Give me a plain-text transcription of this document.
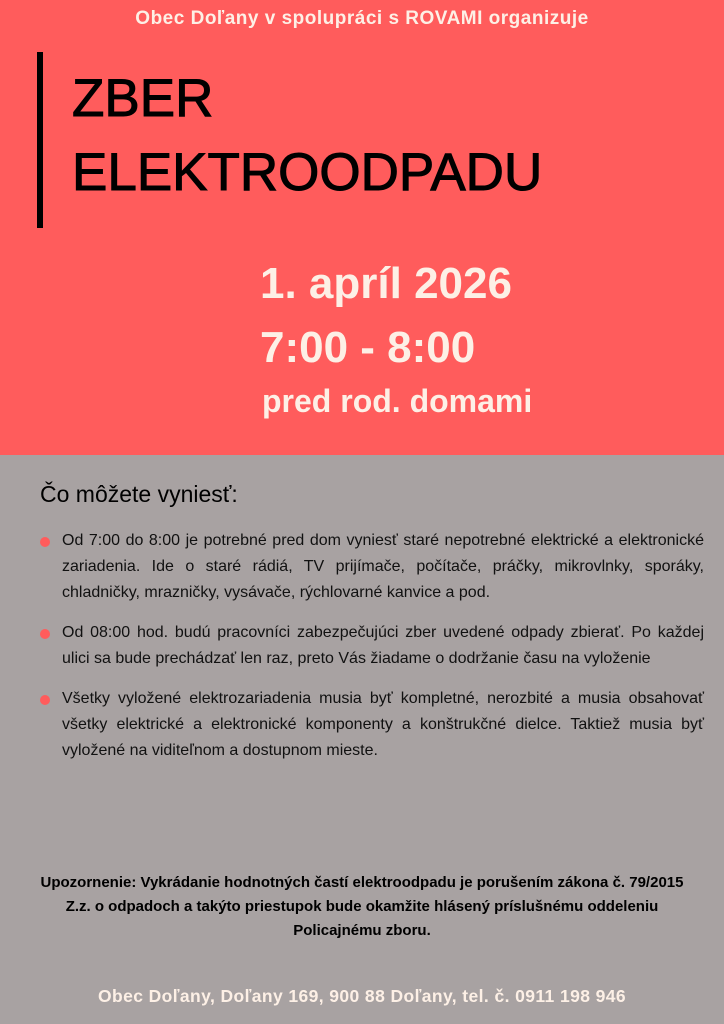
Obec Doľany v spolupráci s ROVAMI organizuje
ZBER
ELEKTROODPADU
1. apríl 2026
7:00 - 8:00
pred rod. domami
Čo môžete vyniesť:
Od 7:00 do 8:00 je potrebné pred dom vyniesť staré nepotrebné elektrické a elektronické zariadenia. Ide o staré rádiá, TV prijímače, počítače, práčky, mikrovlnky, sporáky, chladničky, mrazničky, vysávače, rýchlovarné kanvice a pod.
Od 08:00 hod. budú pracovníci zabezpečujúci zber uvedené odpady zbierať. Po každej ulici sa bude prechádzať len raz, preto Vás žiadame o dodržanie času na vyloženie
Všetky vyložené elektrozariadenia musia byť kompletné, nerozbité a musia obsahovať všetky elektrické a elektronické komponenty a konštrukčné dielce. Taktiež musia byť vyložené na viditeľnom a dostupnom mieste.
Upozornenie: Vykrádanie hodnotných častí elektroodpadu je porušením zákona č. 79/2015 Z.z. o odpadoch a takýto priestupok bude okamžite hlásený príslušnému oddeleniu Policajnému zboru.
Obec Doľany, Doľany 169, 900 88 Doľany, tel. č. 0911 198 946
